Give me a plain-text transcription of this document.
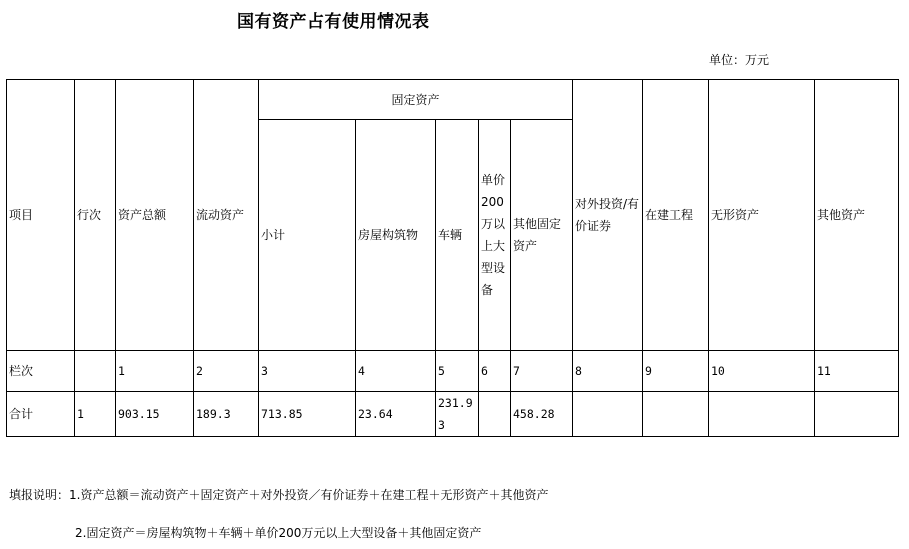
国有资产占有使用情况表
单位：万元
项目	行次	资产总额	流动资产	固定资产					对外投资/有价证券	在建工程	无形资产	其他资产
				小计	房屋构筑物	车辆	单价200万以上大型设备	其他固定资产				
栏次		1	2	3	4	5	6	7	8	9	10	11
合计	1	903.15	189.3	713.85	23.64	231.93		458.28				
填报说明：1.资产总额＝流动资产＋固定资产＋对外投资／有价证券＋在建工程＋无形资产＋其他资产
2.固定资产＝房屋构筑物＋车辆＋单价200万元以上大型设备＋其他固定资产
